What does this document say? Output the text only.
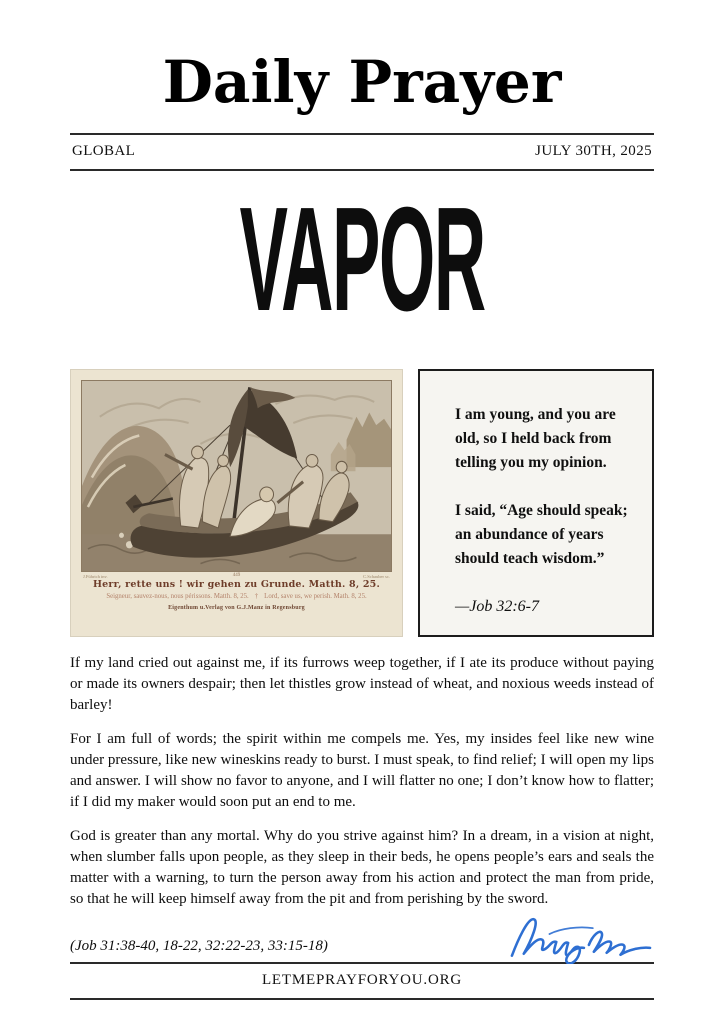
Daily Prayer
GLOBAL	JULY 30TH, 2025
VAPOR
449
Herr, rette uns ! wir gehen zu Grunde. Matth. 8, 25.
Seigneur, sauvez-nous, nous périssons. Matth. 8, 25. † Lord, save us, we perish. Math. 8, 25.
Eigenthum u.Verlag von G.J.Manz in Regensburg
J.Führich inv.	C.Schauber sc.

I am young, and you are old, so I held back from telling you my opinion.

I said, “Age should speak; an abundance of years should teach wisdom.”

—Job 32:6-7

If my land cried out against me, if its furrows weep together, if I ate its produce without paying or made its owners despair; then let thistles grow instead of wheat, and noxious weeds instead of barley!

For I am full of words; the spirit within me compels me. Yes, my insides feel like new wine under pressure, like new wineskins ready to burst. I must speak, to find relief; I will open my lips and answer. I will show no favor to anyone, and I will flatter no one; I don’t know how to flatter; if I did my maker would soon put an end to me.

God is greater than any mortal. Why do you strive against him? In a dream, in a vision at night, when slumber falls upon people, as they sleep in their beds, he opens people’s ears and seals the matter with a warning, to turn the person away from his action and protect the man from pride, so that he will keep himself away from the pit and from perishing by the sword.

(Job 31:38-40, 18-22, 32:22-23, 33:15-18)
LETMEPRAYFORYOU.ORG
